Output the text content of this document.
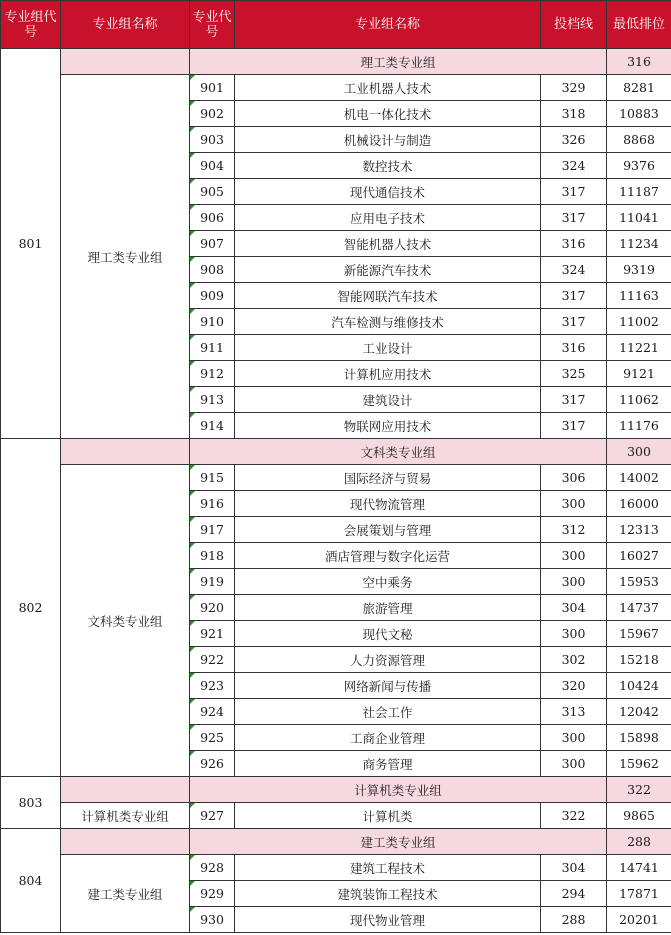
专业组代号	专业组名称	专业代号	专业组名称	投档线	最低排位	
801		理工类专业组			316	
	理工类专业组	901	工业机器人技术	329	8281	
		902	机电一体化技术	318	10883	
		903	机械设计与制造	326	8868	
		904	数控技术	324	9376	
		905	现代通信技术	317	11187	
		906	应用电子技术	317	11041	
		907	智能机器人技术	316	11234	
		908	新能源汽车技术	324	9319	
		909	智能网联汽车技术	317	11163	
		910	汽车检测与维修技术	317	11002	
		911	工业设计	316	11221	
		912	计算机应用技术	325	9121	
		913	建筑设计	317	11062	
		914	物联网应用技术	317	11176	
802		文科类专业组			300	
	文科类专业组	915	国际经济与贸易	306	14002	
		916	现代物流管理	300	16000	
		917	会展策划与管理	312	12313	
		918	酒店管理与数字化运营	300	16027	
		919	空中乘务	300	15953	
		920	旅游管理	304	14737	
		921	现代文秘	300	15967	
		922	人力资源管理	302	15218	
		923	网络新闻与传播	320	10424	
		924	社会工作	313	12042	
		925	工商企业管理	300	15898	
		926	商务管理	300	15962	
803		计算机类专业组			322	
	计算机类专业组	927	计算机类	322	9865	
804		建工类专业组			288	
	建工类专业组	928	建筑工程技术	304	14741	
		929	建筑装饰工程技术	294	17871	
		930	现代物业管理	288	20201	
